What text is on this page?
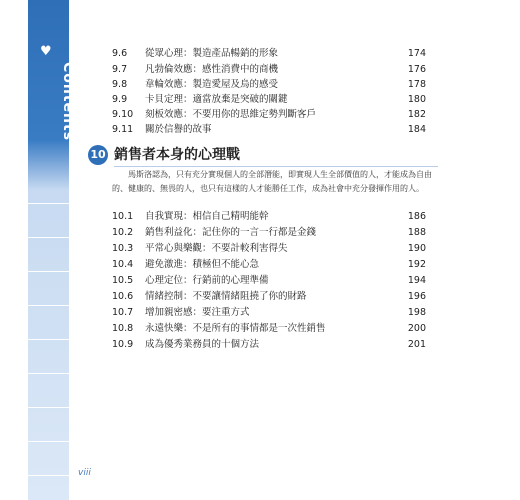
♥
Contents
9.6	從眾心理：製造產品暢銷的形象	174
9.7	凡勃倫效應：感性消費中的商機	176
9.8	韋輪效應：製造愛屋及烏的感受	178
9.9	卡貝定理：適當放棄是突破的關鍵	180
9.10	刻板效應：不要用你的思維定勢判斷客戶	182
9.11	關於信譽的故事	184
10 銷售者本身的心理戰

馬斯洛認為，只有充分實現個人的全部潛能，即實現人生全部價值的人，才能成為自由的、健康的、無畏的人，也只有這樣的人才能勝任工作，成為社會中充分發揮作用的人。

10.1	自我實現：相信自己精明能幹	186
10.2	銷售利益化：記住你的一言一行都是金錢	188
10.3	平常心與樂觀：不要計較利害得失	190
10.4	避免激進：積極但不能心急	192
10.5	心理定位：行銷前的心理準備	194
10.6	情緒控制：不要讓情緒阻撓了你的財路	196
10.7	增加親密感：要注重方式	198
10.8	永遠快樂：不是所有的事情都是一次性銷售	200
10.9	成為優秀業務員的十個方法	201
viii
